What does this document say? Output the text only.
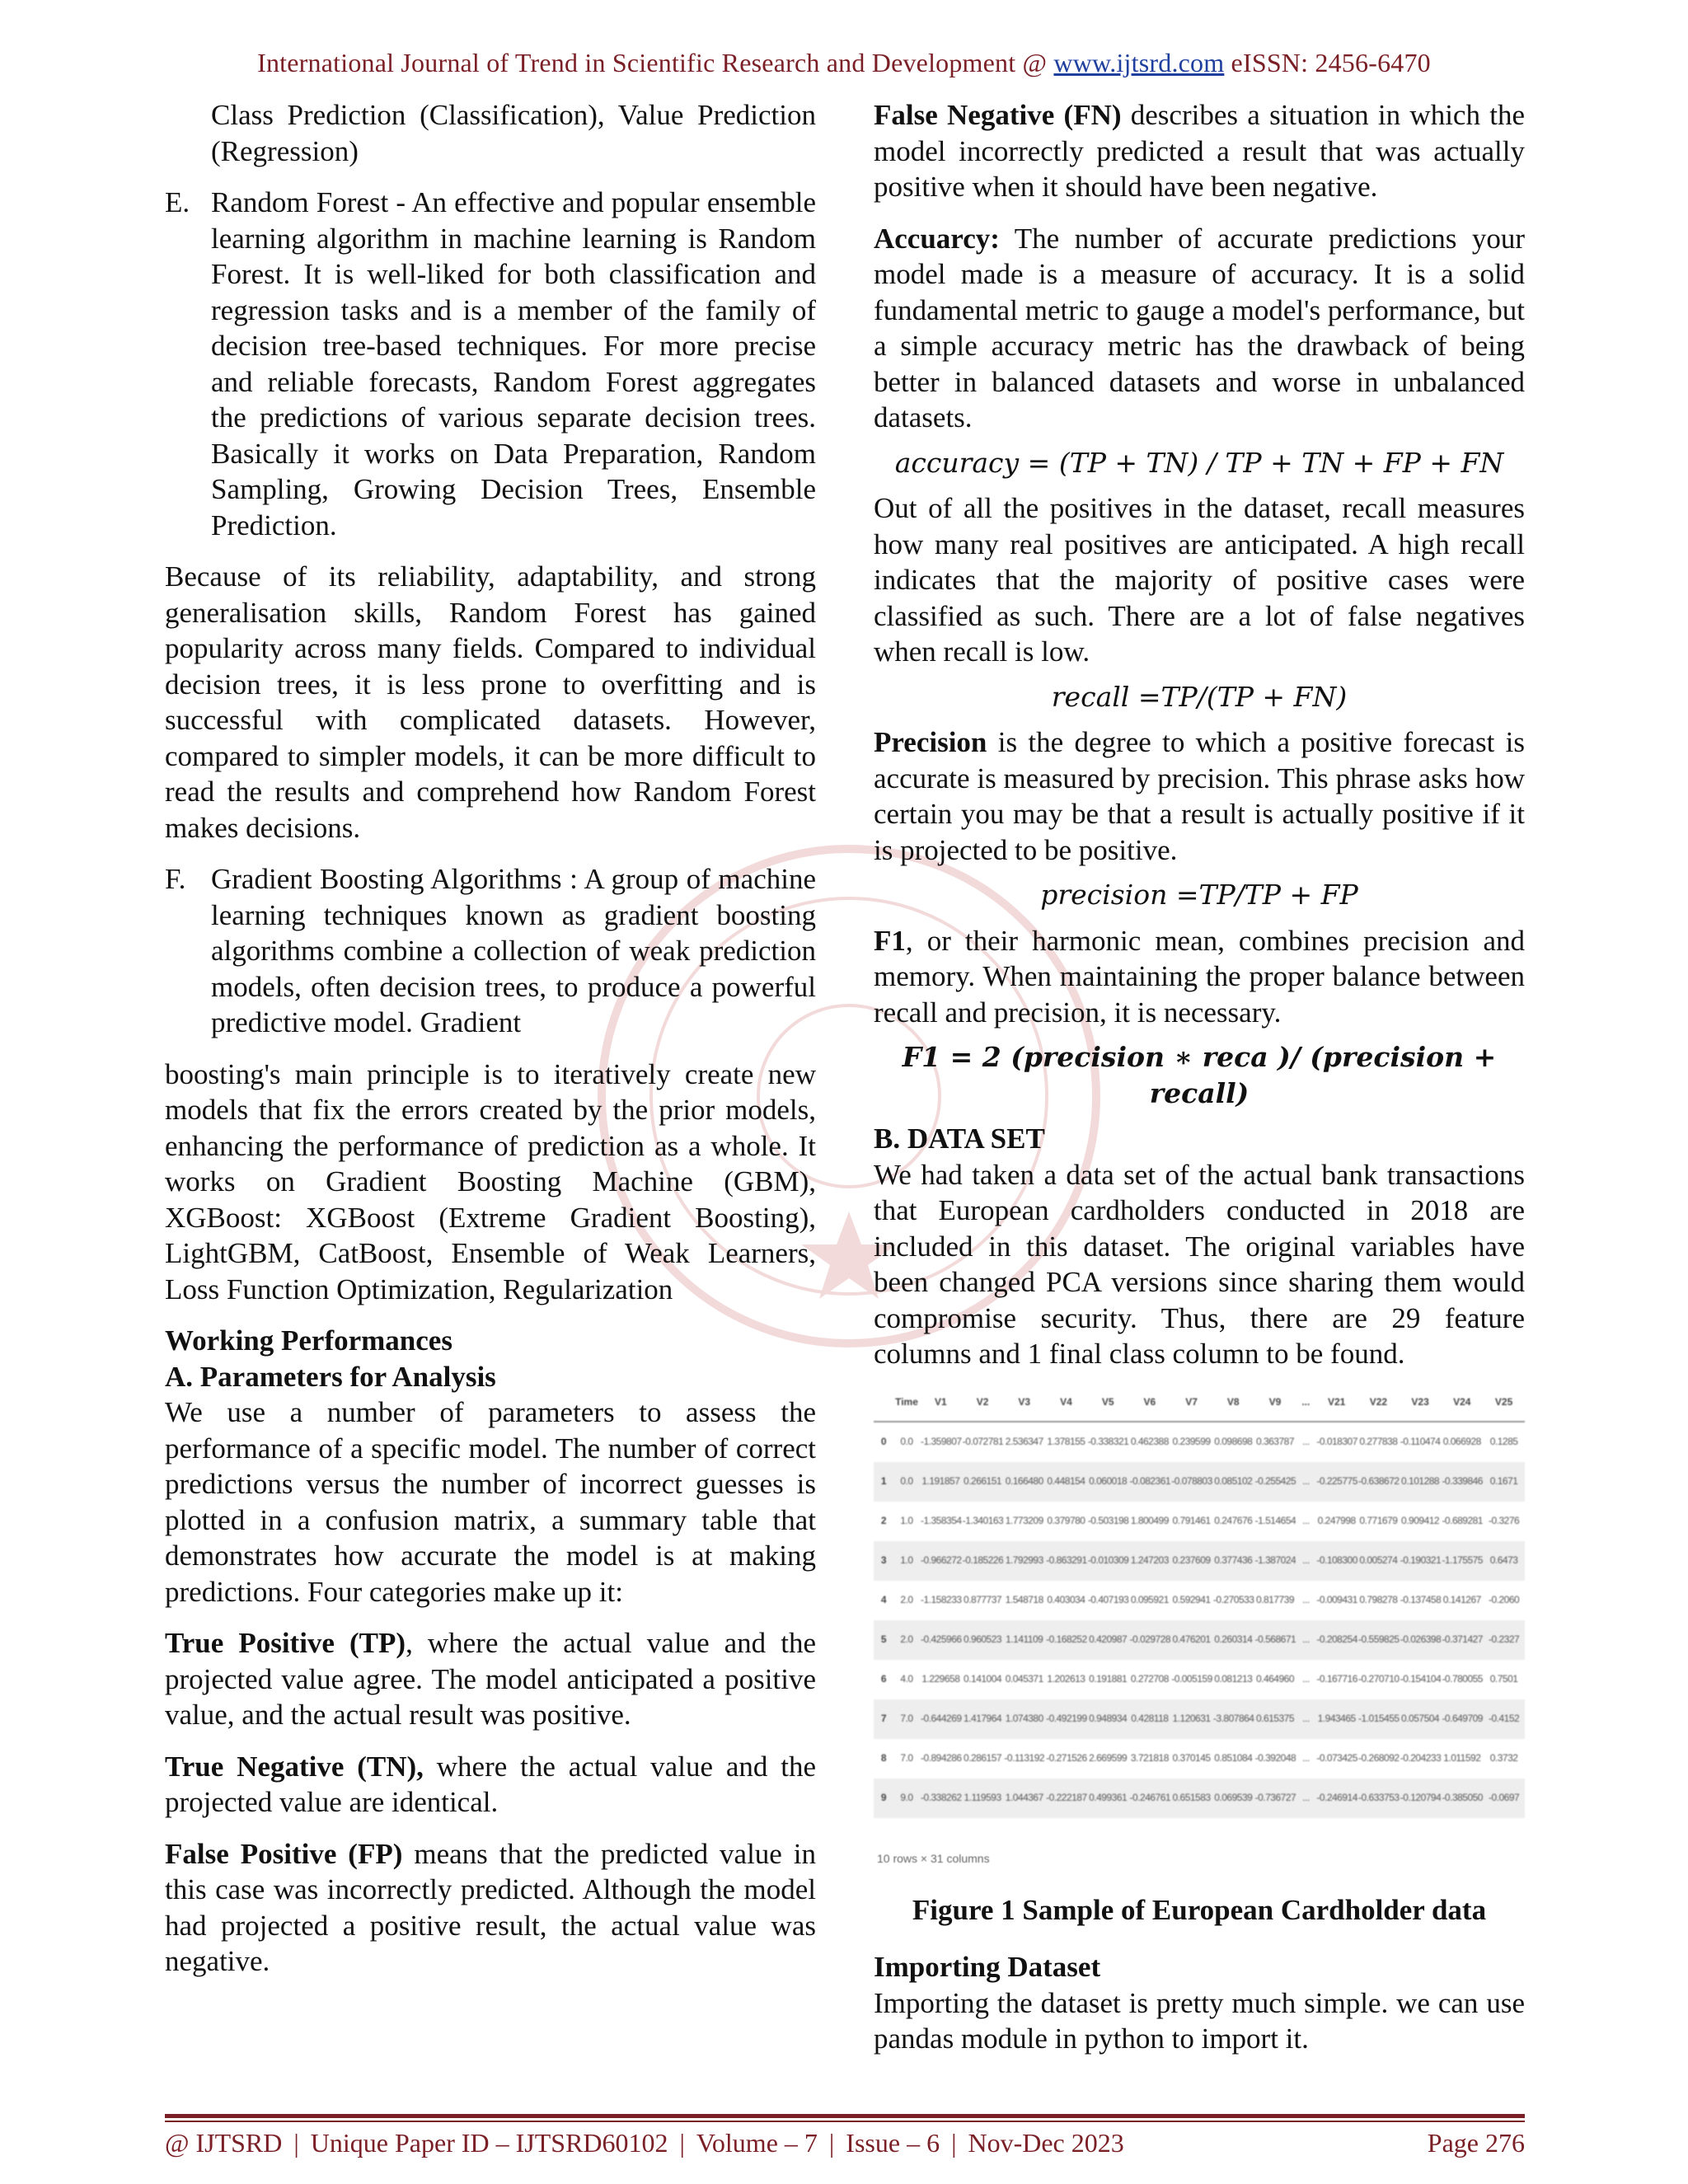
International Journal of Trend in Scientific Research and Development @ www.ijtsrd.com eISSN: 2456-6470

Class Prediction (Classification), Value Prediction (Regression)

E. Random Forest - An effective and popular ensemble learning algorithm in machine learning is Random Forest. It is well-liked for both classification and regression tasks and is a member of the family of decision tree-based techniques. For more precise and reliable forecasts, Random Forest aggregates the predictions of various separate decision trees. Basically it works on Data Preparation, Random Sampling, Growing Decision Trees, Ensemble Prediction.

Because of its reliability, adaptability, and strong generalisation skills, Random Forest has gained popularity across many fields. Compared to individual decision trees, it is less prone to overfitting and is successful with complicated datasets. However, compared to simpler models, it can be more difficult to read the results and comprehend how Random Forest makes decisions.

F. Gradient Boosting Algorithms : A group of machine learning techniques known as gradient boosting algorithms combine a collection of weak prediction models, often decision trees, to produce a powerful predictive model. Gradient

boosting's main principle is to iteratively create new models that fix the errors created by the prior models, enhancing the performance of prediction as a whole. It works on Gradient Boosting Machine (GBM), XGBoost: XGBoost (Extreme Gradient Boosting), LightGBM, CatBoost, Ensemble of Weak Learners, Loss Function Optimization, Regularization

Working Performances

A. Parameters for Analysis

We use a number of parameters to assess the performance of a specific model. The number of correct predictions versus the number of incorrect guesses is plotted in a confusion matrix, a summary table that demonstrates how accurate the model is at making predictions. Four categories make up it:

True Positive (TP), where the actual value and the projected value agree. The model anticipated a positive value, and the actual result was positive.

True Negative (TN), where the actual value and the projected value are identical.

False Positive (FP) means that the predicted value in this case was incorrectly predicted. Although the model had projected a positive result, the actual value was negative.

False Negative (FN) describes a situation in which the model incorrectly predicted a result that was actually positive when it should have been negative.

Accuarcy: The number of accurate predictions your model made is a measure of accuracy. It is a solid fundamental metric to gauge a model's performance, but a simple accuracy metric has the drawback of being better in balanced datasets and worse in unbalanced datasets.

accuracy = (TP + TN) / TP + TN + FP + FN

Out of all the positives in the dataset, recall measures how many real positives are anticipated. A high recall indicates that the majority of positive cases were classified as such. There are a lot of false negatives when recall is low.

recall =TP/(TP + FN)

Precision is the degree to which a positive forecast is accurate is measured by precision. This phrase asks how certain you may be that a result is actually positive if it is projected to be positive.

precision =TP/TP + FP

F1, or their harmonic mean, combines precision and memory. When maintaining the proper balance between recall and precision, it is necessary.

F1 = 2 (precision ∗ reca )/ (precision + recall)

B. DATA SET

We had taken a data set of the actual bank transactions that European cardholders conducted in 2018 are included in this dataset. The original variables have been changed PCA versions since sharing them would compromise security. Thus, there are 29 feature columns and 1 final class column to be found.

	Time	V1	V2	V3	V4	V5	V6	V7	V8	V9	...	V21	V22	V23	V24	V25
0	0.0	-1.359807	-0.072781	2.536347	1.378155	-0.338321	0.462388	0.239599	0.098698	0.363787	...	-0.018307	0.277838	-0.110474	0.066928	0.1285
1	0.0	1.191857	0.266151	0.166480	0.448154	0.060018	-0.082361	-0.078803	0.085102	-0.255425	...	-0.225775	-0.638672	0.101288	-0.339846	0.1671
2	1.0	-1.358354	-1.340163	1.773209	0.379780	-0.503198	1.800499	0.791461	0.247676	-1.514654	...	0.247998	0.771679	0.909412	-0.689281	-0.3276
3	1.0	-0.966272	-0.185226	1.792993	-0.863291	-0.010309	1.247203	0.237609	0.377436	-1.387024	...	-0.108300	0.005274	-0.190321	-1.175575	0.6473
4	2.0	-1.158233	0.877737	1.548718	0.403034	-0.407193	0.095921	0.592941	-0.270533	0.817739	...	-0.009431	0.798278	-0.137458	0.141267	-0.2060
5	2.0	-0.425966	0.960523	1.141109	-0.168252	0.420987	-0.029728	0.476201	0.260314	-0.568671	...	-0.208254	-0.559825	-0.026398	-0.371427	-0.2327
6	4.0	1.229658	0.141004	0.045371	1.202613	0.191881	0.272708	-0.005159	0.081213	0.464960	...	-0.167716	-0.270710	-0.154104	-0.780055	0.7501
7	7.0	-0.644269	1.417964	1.074380	-0.492199	0.948934	0.428118	1.120631	-3.807864	0.615375	...	1.943465	-1.015455	0.057504	-0.649709	-0.4152
8	7.0	-0.894286	0.286157	-0.113192	-0.271526	2.669599	3.721818	0.370145	0.851084	-0.392048	...	-0.073425	-0.268092	-0.204233	1.011592	0.3732
9	9.0	-0.338262	1.119593	1.044367	-0.222187	0.499361	-0.246761	0.651583	0.069539	-0.736727	...	-0.246914	-0.633753	-0.120794	-0.385050	-0.0697
10 rows × 31 columns

Figure 1 Sample of European Cardholder data

Importing Dataset

Importing the dataset is pretty much simple. we can use pandas module in python to import it.

@ IJTSRD | Unique Paper ID – IJTSRD60102 | Volume – 7 | Issue – 6 | Nov-Dec 2023	Page 276
